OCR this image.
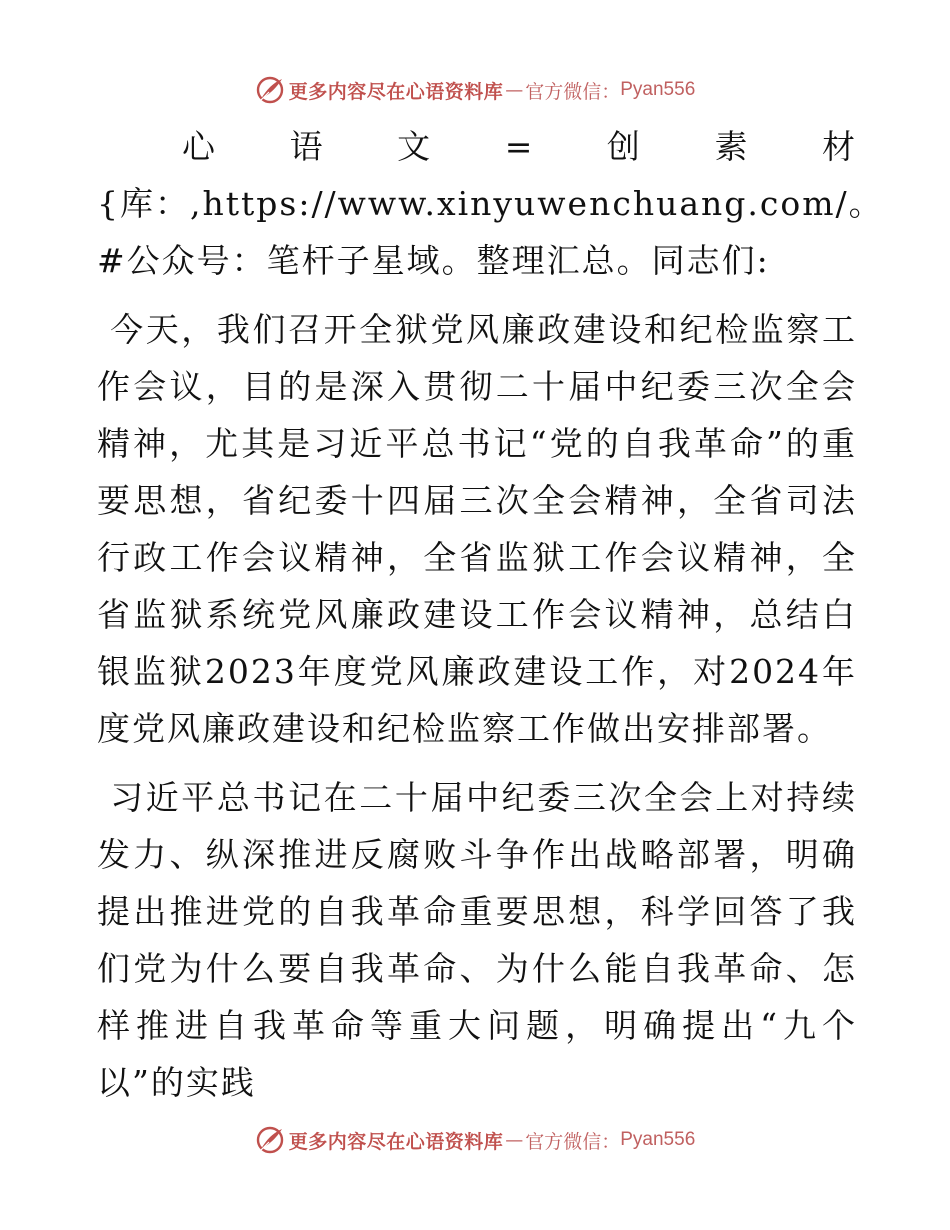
更多内容尽在心语资料库 — 官方微信： Pyan556

心语文=创素材{库：,https://www.xinyuwenchuang.com/。#公众号：笔杆子星域。整理汇总。同志们:

今天，我们召开全狱党风廉政建设和纪检监察工作会议，目的是深入贯彻二十届中纪委三次全会精神，尤其是习近平总书记“党的自我革命”的重要思想，省纪委十四届三次全会精神，全省司法行政工作会议精神，全省监狱工作会议精神，全省监狱系统党风廉政建设工作会议精神，总结白银监狱2023年度党风廉政建设工作，对2024年度党风廉政建设和纪检监察工作做出安排部署。

习近平总书记在二十届中纪委三次全会上对持续发力、纵深推进反腐败斗争作出战略部署，明确提出推进党的自我革命重要思想，科学回答了我们党为什么要自我革命、为什么能自我革命、怎样推进自我革命等重大问题，明确提出“九个以”的实践

更多内容尽在心语资料库 — 官方微信： Pyan556
